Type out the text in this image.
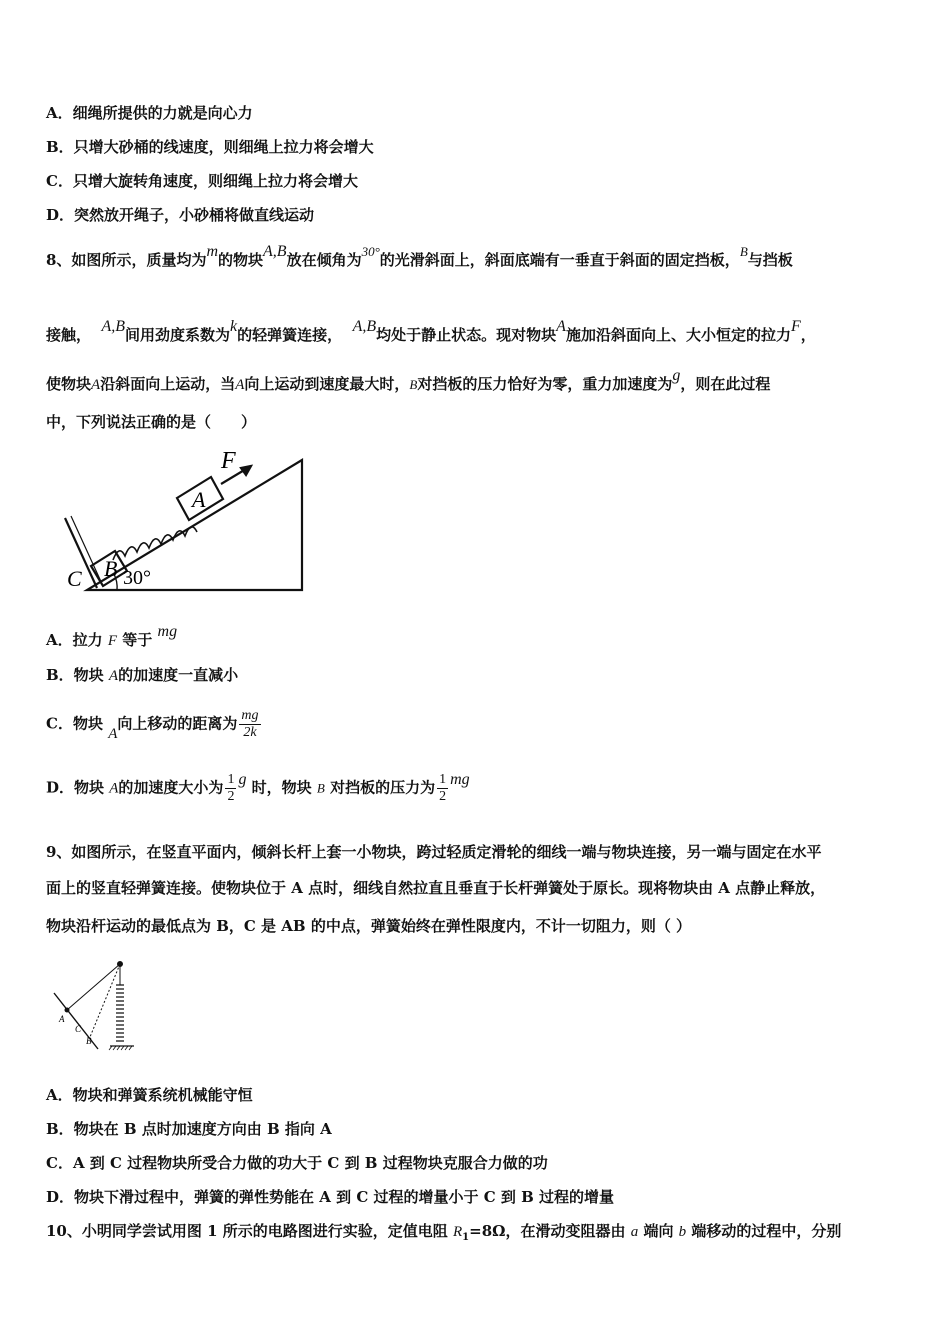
A．细绳所提供的力就是向心力
B．只增大砂桶的线速度，则细绳上拉力将会增大
C．只增大旋转角速度，则细绳上拉力将会增大
D．突然放开绳子，小砂桶将做直线运动
8、如图所示，质量均为m的物块A,B放在倾角为30°的光滑斜面上，斜面底端有一垂直于斜面的固定挡板，B与挡板
接触， A,B间用劲度系数为k的轻弹簧连接， A,B均处于静止状态。现对物块A施加沿斜面向上、大小恒定的拉力F，
使物块A沿斜面向上运动，当A向上运动到速度最大时，B对挡板的压力恰好为零，重力加速度为g，则在此过程
中，下列说法正确的是（　　）
F
A
B
C 30°
A．拉力 F 等于 mg
B．物块 A的加速度一直减小
C．物块 A向上移动的距离为 $\frac{mg}{2k}$
D．物块 A的加速度大小为 $\frac{1}{2}$ g 时，物块 B 对挡板的压力为 $\frac{1}{2}$ mg
9、如图所示，在竖直平面内，倾斜长杆上套一小物块，跨过轻质定滑轮的细线一端与物块连接，另一端与固定在水平
面上的竖直轻弹簧连接。使物块位于 A 点时，细线自然拉直且垂直于长杆弹簧处于原长。现将物块由 A 点静止释放，
物块沿杆运动的最低点为 B，C 是 AB 的中点，弹簧始终在弹性限度内，不计一切阻力，则（ ）
A
C
B
A．物块和弹簧系统机械能守恒
B．物块在 B 点时加速度方向由 B 指向 A
C．A 到 C 过程物块所受合力做的功大于 C 到 B 过程物块克服合力做的功
D．物块下滑过程中，弹簧的弹性势能在 A 到 C 过程的增量小于 C 到 B 过程的增量
10、小明同学尝试用图 1 所示的电路图进行实验，定值电阻 $R_1=8\Omega$，在滑动变阻器由 a 端向 b 端移动的过程中，分别
